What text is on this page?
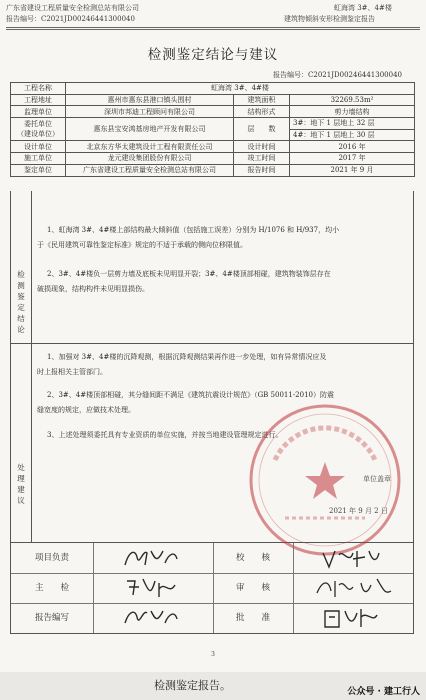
广东省建设工程质量安全检测总站有限公司
报告编号：C2021JD00246441300040
虹海湾 3#、4#楼
建筑物倾斜安形检测鉴定报告
检测鉴定结论与建议
报告编号：C2021JD00246441300040
工程名称	虹海湾 3#、4#楼		
工程地址	惠州市惠东县港口镇头围村	建筑面积	32269.53m²
监理单位	深圳市邦迪工程顾问有限公司	结构形式	剪力墙结构

委托单位
（建设单位）	惠东县宝安鸿基房地产开发有限公司	层　　数	3#：地下 1 层地上 32 层
			4#：地下 1 层地上 30 层
设计单位	北京东方华太建筑设计工程有限责任公司	设计时间	2016 年
施工单位	龙元建设集团股份有限公司	竣工时间	2017 年
鉴定单位	广东省建设工程质量安全检测总站有限公司	报告时间	2021 年 9 月
检
测
鉴
定
结
论
1、虹海湾 3#、4#楼上部结构最大倾斜值（包括施工误差）分别为 H/1076 和 H/937，均小
于《民用建筑可靠性鉴定标准》规定的不适于承载的侧向位移限值。
2、3#、4#楼负一层剪力墙及底板未见明显开裂；3#、4#楼顶部相碰，建筑物装饰层存在
破损现象，结构构件未见明显损伤。
处
理
建
议
1、加强对 3#、4#楼的沉降观测，根据沉降观测结果再作进一步处理，如有异常情况应及
时上报相关主管部门。
2、3#、4#楼顶部相碰，其分缝间距不满足《建筑抗震设计规范》（GB 50011-2010）防震
缝宽度的规定，应做技术处理。
3、上述处理须委托具有专业资质的单位实施，并按当地建设管理规定进行。
单位盖章
2021 年 9 月 2 日
项目负责	校　　核
主　　检	审　　核
报告编写	批　　准
3
检测鉴定报告。	公众号 · 建工行人
